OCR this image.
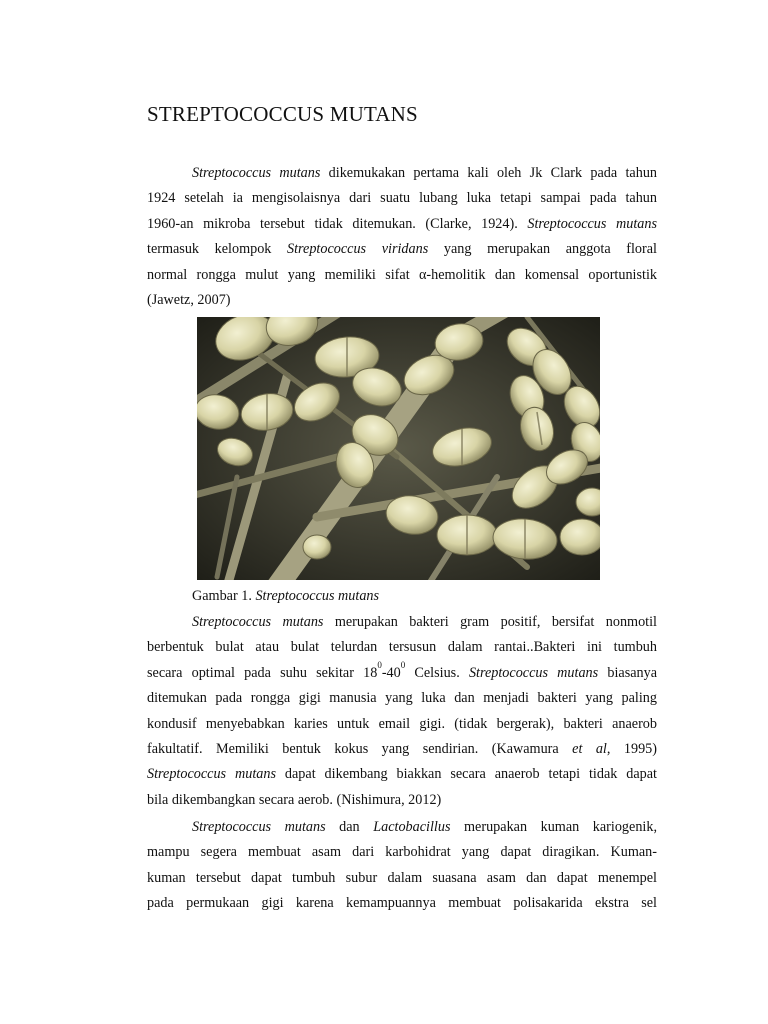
STREPTOCOCCUS MUTANS
Streptococcus mutans dikemukakan pertama kali oleh Jk Clark pada tahun
1924 setelah ia mengisolaisnya dari suatu lubang luka tetapi sampai pada tahun
1960-an mikroba tersebut tidak ditemukan. (Clarke, 1924). Streptococcus mutans
termasuk kelompok Streptococcus viridans yang merupakan anggota floral
normal rongga mulut yang memiliki sifat α-hemolitik dan komensal oportunistik
(Jawetz, 2007)

Gambar 1. Streptococcus mutans

Streptococcus mutans merupakan bakteri gram positif, bersifat nonmotil
berbentuk bulat atau bulat telurdan tersusun dalam rantai..Bakteri ini tumbuh
secara optimal pada suhu sekitar $18^0-40^0$ Celsius. Streptococcus mutans biasanya
ditemukan pada rongga gigi manusia yang luka dan menjadi bakteri yang paling
kondusif menyebabkan karies untuk email gigi. (tidak bergerak), bakteri anaerob
fakultatif. Memiliki bentuk kokus yang sendirian. (Kawamura et al, 1995)
Streptococcus mutans dapat dikembang biakkan secara anaerob tetapi tidak dapat
bila dikembangkan secara aerob. (Nishimura, 2012)
Streptococcus mutans dan Lactobacillus merupakan kuman kariogenik,
mampu segera membuat asam dari karbohidrat yang dapat diragikan. Kuman-
kuman tersebut dapat tumbuh subur dalam suasana asam dan dapat menempel
pada permukaan gigi karena kemampuannya membuat polisakarida ekstra sel
